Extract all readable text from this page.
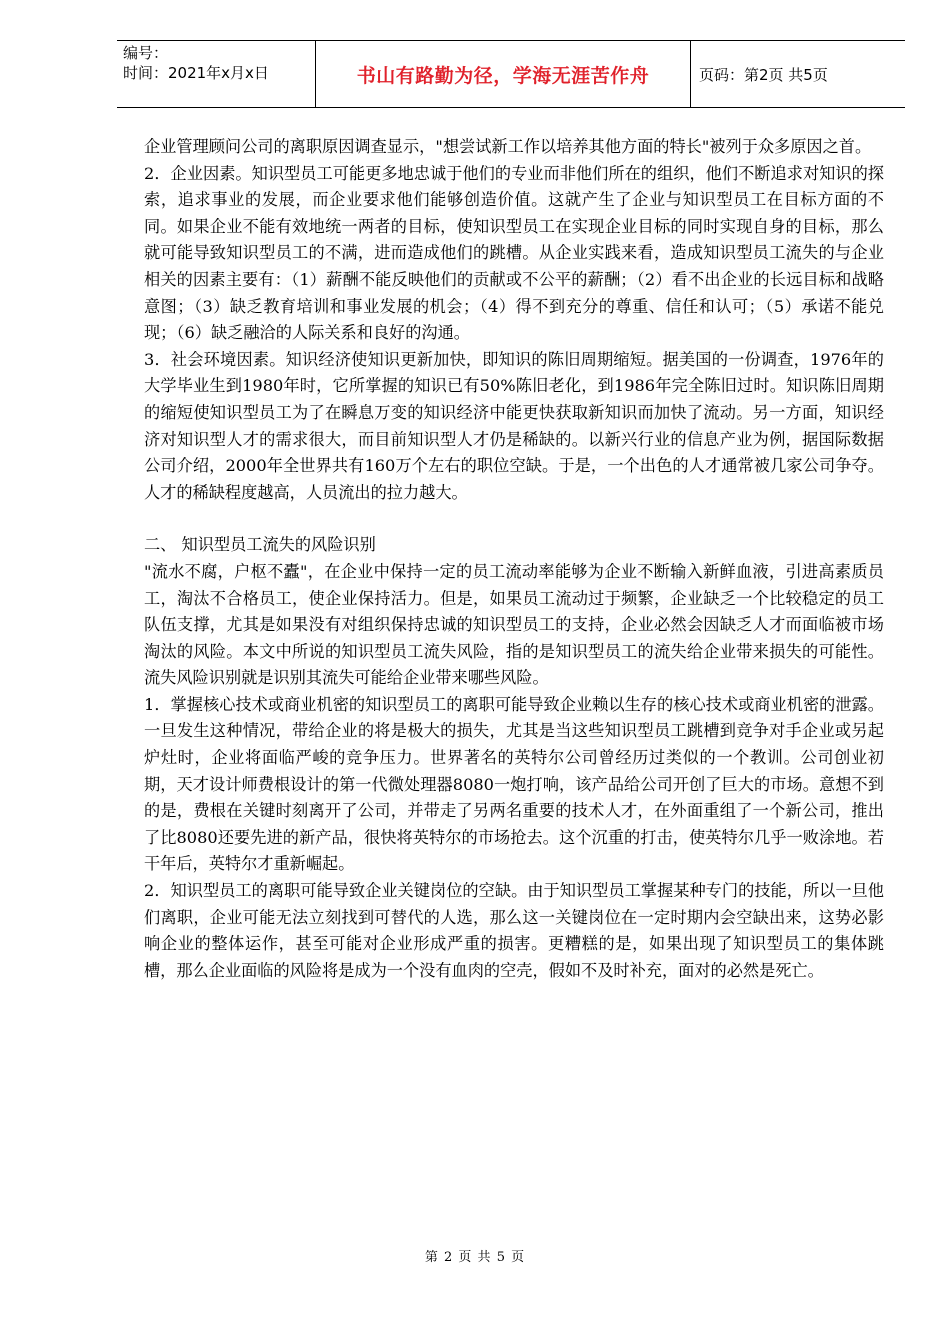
编号：
时间：2021年x月x日	书山有路勤为径，学海无涯苦作舟	页码：第2页 共5页

企业管理顾问公司的离职原因调查显示，"想尝试新工作以培养其他方面的特长"被列于众多原因之首。

2．企业因素。知识型员工可能更多地忠诚于他们的专业而非他们所在的组织，他们不断追求对知识的探索，追求事业的发展，而企业要求他们能够创造价值。这就产生了企业与知识型员工在目标方面的不同。如果企业不能有效地统一两者的目标，使知识型员工在实现企业目标的同时实现自身的目标，那么就可能导致知识型员工的不满，进而造成他们的跳槽。从企业实践来看，造成知识型员工流失的与企业相关的因素主要有：（1）薪酬不能反映他们的贡献或不公平的薪酬；（2）看不出企业的长远目标和战略意图；（3）缺乏教育培训和事业发展的机会；（4）得不到充分的尊重、信任和认可；（5）承诺不能兑现；（6）缺乏融洽的人际关系和良好的沟通。

3．社会环境因素。知识经济使知识更新加快，即知识的陈旧周期缩短。据美国的一份调查，1976年的大学毕业生到1980年时，它所掌握的知识已有50%陈旧老化，到1986年完全陈旧过时。知识陈旧周期的缩短使知识型员工为了在瞬息万变的知识经济中能更快获取新知识而加快了流动。另一方面，知识经济对知识型人才的需求很大，而目前知识型人才仍是稀缺的。以新兴行业的信息产业为例，据国际数据公司介绍，2000年全世界共有160万个左右的职位空缺。于是，一个出色的人才通常被几家公司争夺。人才的稀缺程度越高，人员流出的拉力越大。

二、 知识型员工流失的风险识别

"流水不腐，户枢不蠹"，在企业中保持一定的员工流动率能够为企业不断输入新鲜血液，引进高素质员工，淘汰不合格员工，使企业保持活力。但是，如果员工流动过于频繁，企业缺乏一个比较稳定的员工队伍支撑，尤其是如果没有对组织保持忠诚的知识型员工的支持，企业必然会因缺乏人才而面临被市场淘汰的风险。本文中所说的知识型员工流失风险，指的是知识型员工的流失给企业带来损失的可能性。流失风险识别就是识别其流失可能给企业带来哪些风险。

1．掌握核心技术或商业机密的知识型员工的离职可能导致企业赖以生存的核心技术或商业机密的泄露。一旦发生这种情况，带给企业的将是极大的损失，尤其是当这些知识型员工跳槽到竞争对手企业或另起炉灶时，企业将面临严峻的竞争压力。世界著名的英特尔公司曾经历过类似的一个教训。公司创业初期，天才设计师费根设计的第一代微处理器8080一炮打响，该产品给公司开创了巨大的市场。意想不到的是，费根在关键时刻离开了公司，并带走了另两名重要的技术人才，在外面重组了一个新公司，推出了比8080还要先进的新产品，很快将英特尔的市场抢去。这个沉重的打击，使英特尔几乎一败涂地。若干年后，英特尔才重新崛起。

2．知识型员工的离职可能导致企业关键岗位的空缺。由于知识型员工掌握某种专门的技能，所以一旦他们离职，企业可能无法立刻找到可替代的人选，那么这一关键岗位在一定时期内会空缺出来，这势必影响企业的整体运作，甚至可能对企业形成严重的损害。更糟糕的是，如果出现了知识型员工的集体跳槽，那么企业面临的风险将是成为一个没有血肉的空壳，假如不及时补充，面对的必然是死亡。

第 2 页 共 5 页
